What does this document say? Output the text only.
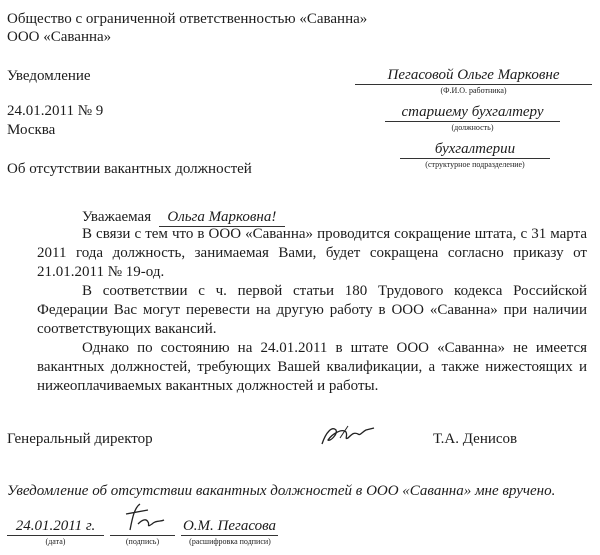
Общество с ограниченной ответственностью «Саванна»
ООО «Саванна»
Уведомление
24.01.2011 № 9
Москва
Об отсутствии вакантных должностей
Пегасовой Ольге Марковне
(Ф.И.О. работника)
старшему бухгалтеру
(должность)
бухгалтерии
(структурное подразделение)
Уважаемая Ольга Марковна!

В связи с тем что в ООО «Саванна» проводится сокращение штата, с 31 марта 2011 года должность, занимаемая Вами, будет сокращена согласно приказу от 21.01.2011 № 19-од.

В соответствии с ч. первой статьи 180 Трудового кодекса Российской Федерации Вас могут перевести на другую работу в ООО «Саванна» при наличии соответствующих вакансий.

Однако по состоянию на 24.01.2011 в штате ООО «Саванна» не имеется вакантных должностей, требующих Вашей квалификации, а также нижестоящих и нижеоплачиваемых вакантных должностей и работы.

Генеральный директор	Т.А. Денисов
Уведомление об отсутствии вакантных должностей в ООО «Саванна» мне вручено.
24.01.2011 г.
(дата)	(подпись)
О.М. Пегасова
(расшифровка подписи)
